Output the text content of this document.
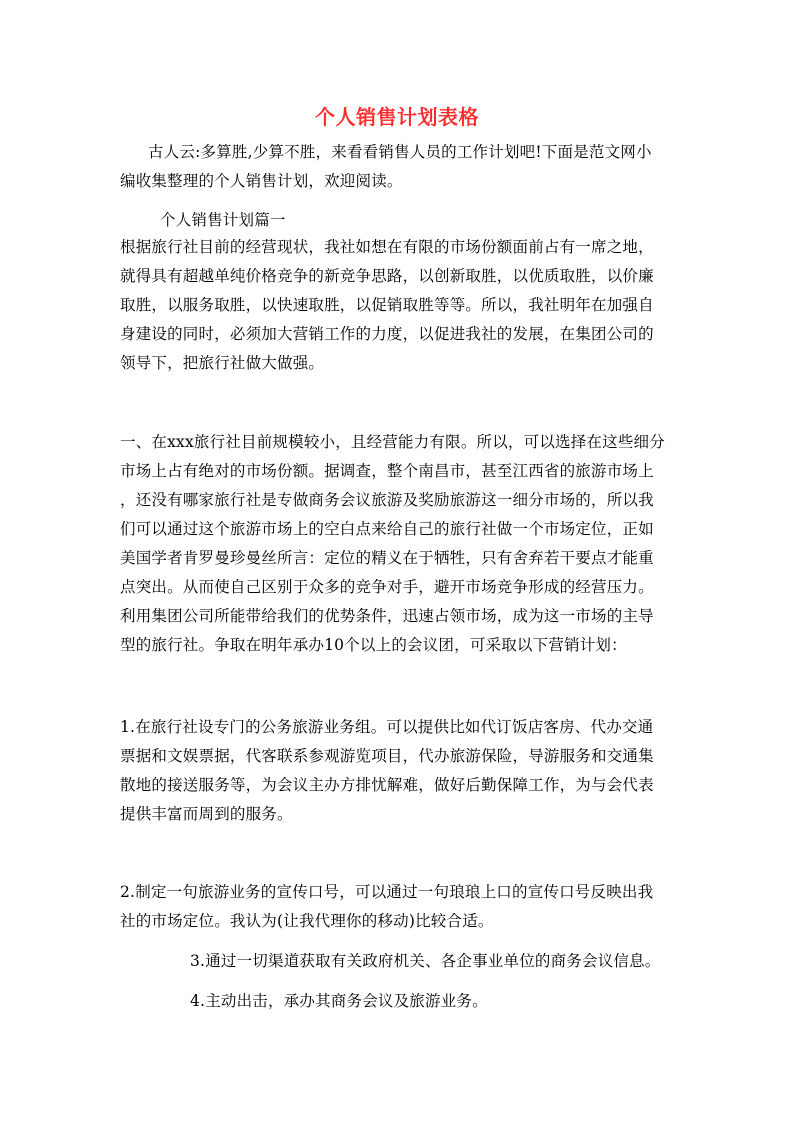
个人销售计划表格
古人云:多算胜,少算不胜，来看看销售人员的工作计划吧!下面是范文网小
编收集整理的个人销售计划，欢迎阅读。
个人销售计划篇一
根据旅行社目前的经营现状，我社如想在有限的市场份额面前占有一席之地，
就得具有超越单纯价格竞争的新竞争思路，以创新取胜，以优质取胜，以价廉
取胜，以服务取胜，以快速取胜，以促销取胜等等。所以，我社明年在加强自
身建设的同时，必须加大营销工作的力度，以促进我社的发展，在集团公司的
领导下，把旅行社做大做强。
一、在xxx旅行社目前规模较小，且经营能力有限。所以，可以选择在这些细分
市场上占有绝对的市场份额。据调查，整个南昌市，甚至江西省的旅游市场上
，还没有哪家旅行社是专做商务会议旅游及奖励旅游这一细分市场的，所以我
们可以通过这个旅游市场上的空白点来给自己的旅行社做一个市场定位，正如
美国学者肯罗曼珍曼丝所言：定位的精义在于牺牲，只有舍弃若干要点才能重
点突出。从而使自己区别于众多的竞争对手，避开市场竞争形成的经营压力。
利用集团公司所能带给我们的优势条件，迅速占领市场，成为这一市场的主导
型的旅行社。争取在明年承办10个以上的会议团，可采取以下营销计划：
1.在旅行社设专门的公务旅游业务组。可以提供比如代订饭店客房、代办交通
票据和文娱票据，代客联系参观游览项目，代办旅游保险，导游服务和交通集
散地的接送服务等，为会议主办方排忧解难，做好后勤保障工作，为与会代表
提供丰富而周到的服务。
2.制定一句旅游业务的宣传口号，可以通过一句琅琅上口的宣传口号反映出我
社的市场定位。我认为(让我代理你的移动)比较合适。
3.通过一切渠道获取有关政府机关、各企事业单位的商务会议信息。
4.主动出击，承办其商务会议及旅游业务。
